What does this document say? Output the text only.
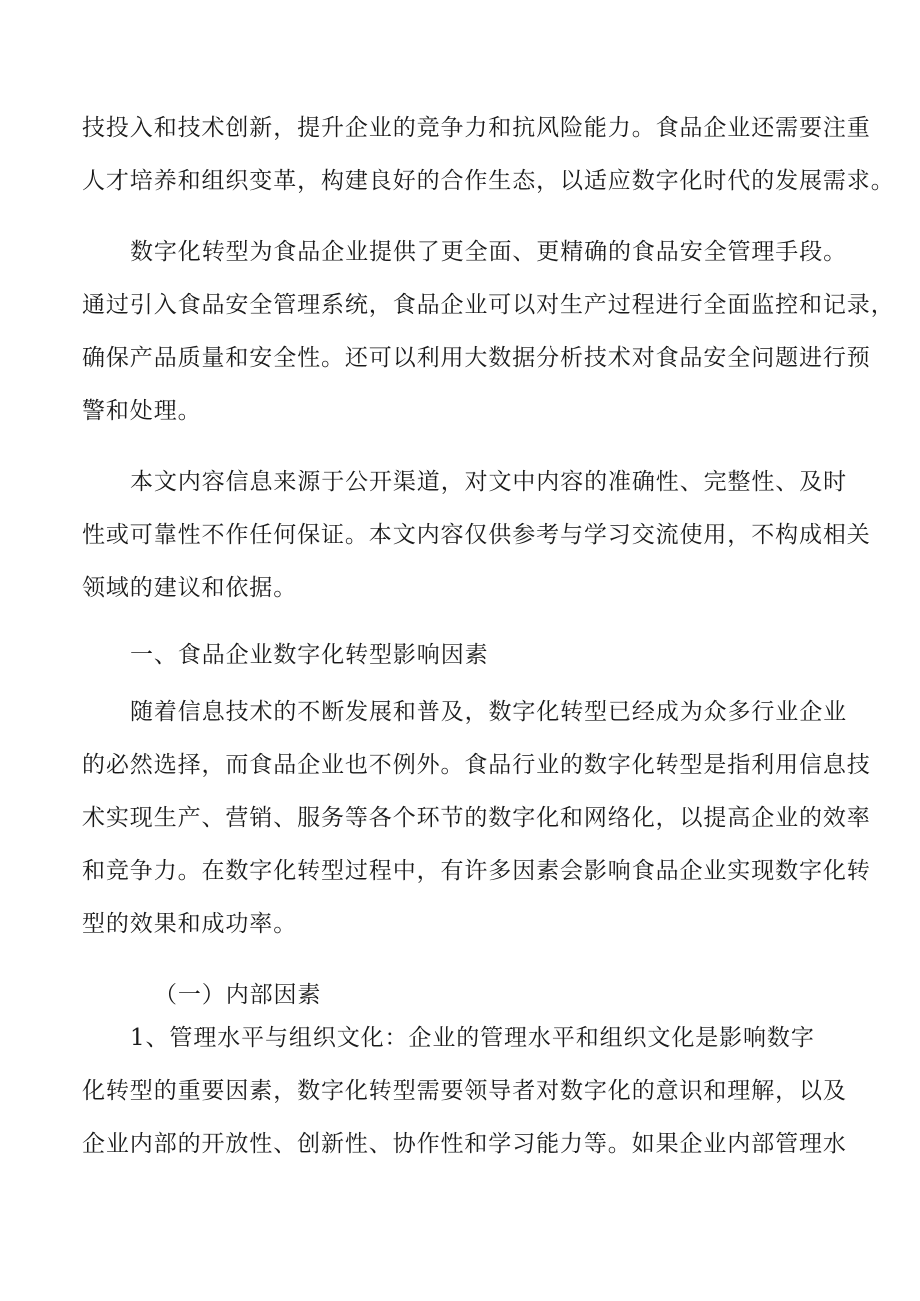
技投入和技术创新，提升企业的竞争力和抗风险能力。食品企业还需要注重
人才培养和组织变革，构建良好的合作生态，以适应数字化时代的发展需求。
数字化转型为食品企业提供了更全面、更精确的食品安全管理手段。
通过引入食品安全管理系统，食品企业可以对生产过程进行全面监控和记录，
确保产品质量和安全性。还可以利用大数据分析技术对食品安全问题进行预
警和处理。
本文内容信息来源于公开渠道，对文中内容的准确性、完整性、及时
性或可靠性不作任何保证。本文内容仅供参考与学习交流使用，不构成相关
领域的建议和依据。
一、食品企业数字化转型影响因素
随着信息技术的不断发展和普及，数字化转型已经成为众多行业企业
的必然选择，而食品企业也不例外。食品行业的数字化转型是指利用信息技
术实现生产、营销、服务等各个环节的数字化和网络化，以提高企业的效率
和竞争力。在数字化转型过程中，有许多因素会影响食品企业实现数字化转
型的效果和成功率。
（一）内部因素
1、管理水平与组织文化：企业的管理水平和组织文化是影响数字
化转型的重要因素，数字化转型需要领导者对数字化的意识和理解，以及
企业内部的开放性、创新性、协作性和学习能力等。如果企业内部管理水
